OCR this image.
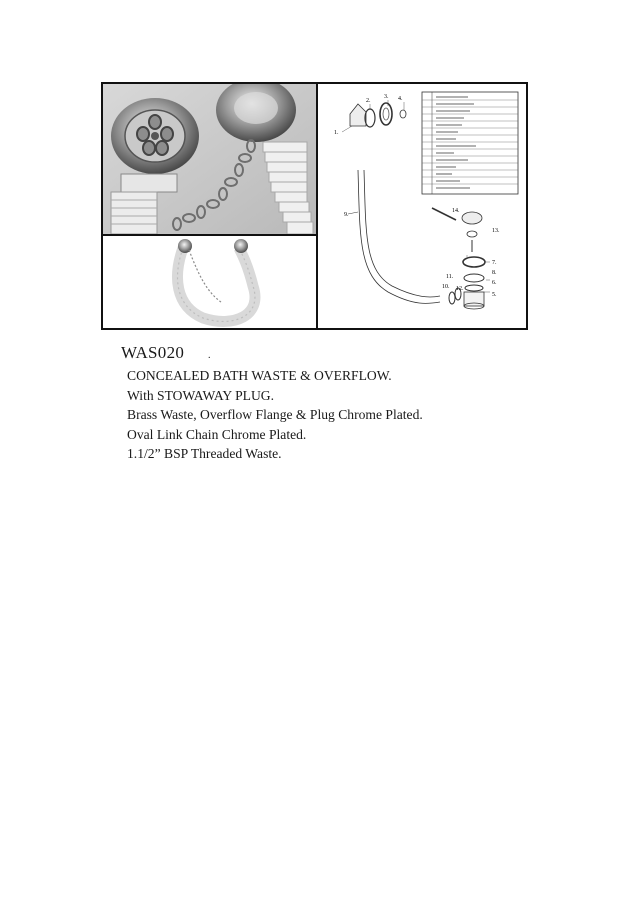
1.
2.
3. 4.
5.
6.
7.
8.
9.
10.
11.
12.
13.
14.
WAS020 .
CONCEALED BATH WASTE & OVERFLOW.
With STOWAWAY PLUG.
Brass Waste, Overflow Flange & Plug Chrome Plated.
Oval Link Chain Chrome Plated.
1.1/2” BSP Threaded Waste.
